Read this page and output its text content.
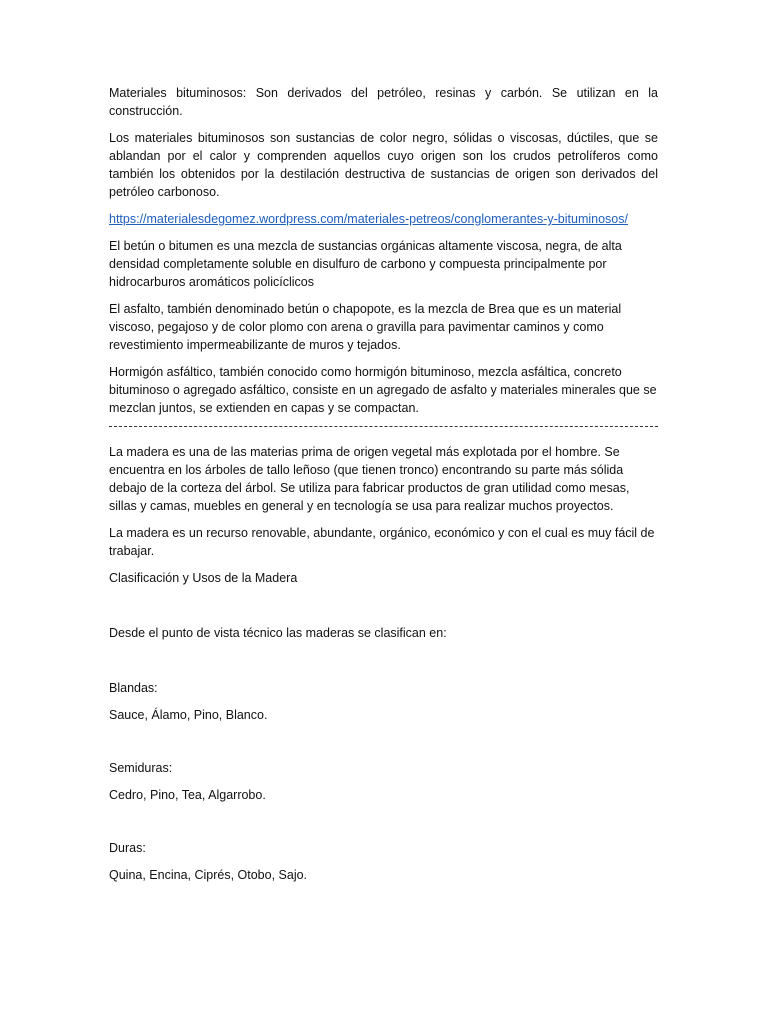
Materiales bituminosos: Son derivados del petróleo, resinas y carbón. Se utilizan en la construcción.

Los materiales bituminosos son sustancias de color negro, sólidas o viscosas, dúctiles, que se ablandan por el calor y comprenden aquellos cuyo origen son los crudos petrolíferos como también los obtenidos por la destilación destructiva de sustancias de origen son derivados del petróleo carbonoso.

https://materialesdegomez.wordpress.com/materiales-petreos/conglomerantes-y-bituminosos/

El betún o bitumen es una mezcla de sustancias orgánicas altamente viscosa, negra, de alta densidad completamente soluble en disulfuro de carbono y compuesta principalmente por hidrocarburos aromáticos policíclicos

El asfalto, también denominado betún o chapopote, es la mezcla de Brea que es un material viscoso, pegajoso y de color plomo con arena o gravilla para pavimentar caminos y como revestimiento impermeabilizante de muros y tejados.

Hormigón asfáltico, también conocido como hormigón bituminoso, mezcla asfáltica, concreto bituminoso o agregado asfáltico, consiste en un agregado de asfalto y materiales minerales que se mezclan juntos, se extienden en capas y se compactan.

La madera es una de las materias prima de origen vegetal más explotada por el hombre. Se encuentra en los árboles de tallo leñoso (que tienen tronco) encontrando su parte más sólida debajo de la corteza del árbol. Se utiliza para fabricar productos de gran utilidad como mesas, sillas y camas, muebles en general y en tecnología se usa para realizar muchos proyectos.

La madera es un recurso renovable, abundante, orgánico, económico y con el cual es muy fácil de trabajar.

Clasificación y Usos de la Madera

Desde el punto de vista técnico las maderas se clasifican en:

Blandas:

Sauce, Álamo, Pino, Blanco.

Semiduras:

Cedro, Pino, Tea, Algarrobo.

Duras:

Quina, Encina, Ciprés, Otobo, Sajo.
